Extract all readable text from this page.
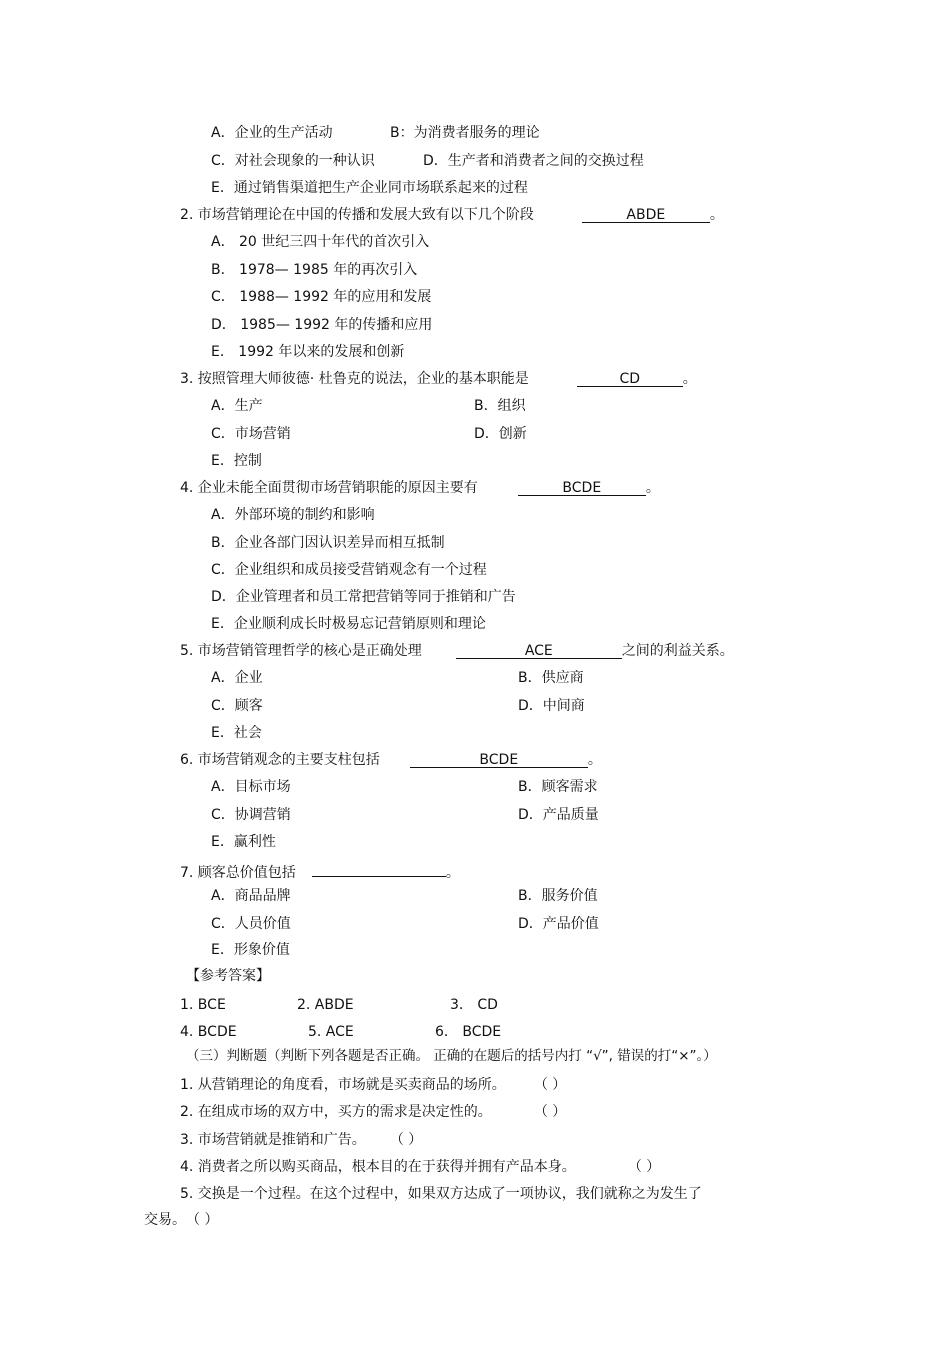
A．企业的生产活动	B：为消费者服务的理论
C．对社会现象的一种认识	D．生产者和消费者之间的交换过程
E．通过销售渠道把生产企业同市场联系起来的过程
2. 市场营销理论在中国的传播和发展大致有以下几个阶段	ABDE	。
A． 20 世纪三四十年代的首次引入
B． 1978— 1985 年的再次引入
C． 1988— 1992 年的应用和发展
D． 1985— 1992 年的传播和应用
E． 1992 年以来的发展和创新
3. 按照管理大师彼德· 杜鲁克的说法，企业的基本职能是	CD	。
A．生产	B．组织
C．市场营销	D．创新
E．控制
4. 企业未能全面贯彻市场营销职能的原因主要有	BCDE	。
A．外部环境的制约和影响
B．企业各部门因认识差异而相互抵制
C．企业组织和成员接受营销观念有一个过程
D．企业管理者和员工常把营销等同于推销和广告
E．企业顺利成长时极易忘记营销原则和理论
5. 市场营销管理哲学的核心是正确处理	ACE	之间的利益关系。
A．企业	B．供应商
C．顾客	D．中间商
E．社会
6. 市场营销观念的主要支柱包括	BCDE	。
A．目标市场	B．顾客需求
C．协调营销	D．产品质量
E．赢利性
7. 顾客总价值包括	。
A．商品品牌	B．服务价值
C．人员价值	D．产品价值
E．形象价值
【参考答案】
1. BCE	2. ABDE	3． CD
4. BCDE	5. ACE	6． BCDE
（三）判断题（判断下列各题是否正确。 正确的在题后的括号内打 “√”, 错误的打“×”。）
1. 从营销理论的角度看，市场就是买卖商品的场所。 （ ）
2. 在组成市场的双方中，买方的需求是决定性的。	（ ）
3. 市场营销就是推销和广告。 （ ）
4. 消费者之所以购买商品，根本目的在于获得并拥有产品本身。	（ ）
5. 交换是一个过程。在这个过程中，如果双方达成了一项协议，我们就称之为发生了
交易。（ ）
